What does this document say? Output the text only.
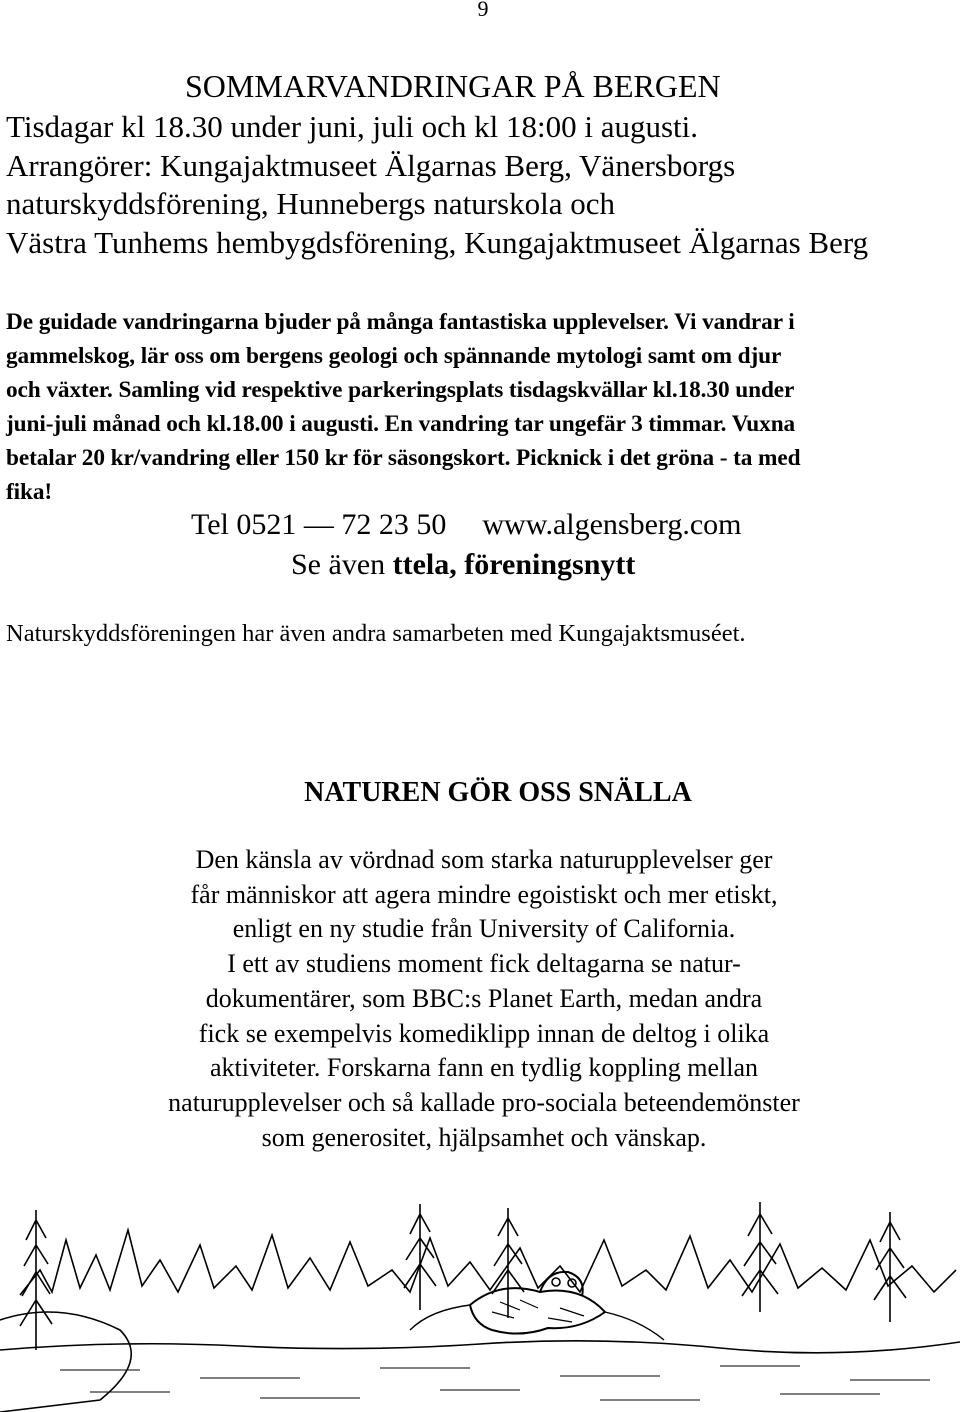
9
SOMMARVANDRINGAR PÅ BERGEN
Tisdagar kl 18.30 under juni, juli och kl 18:00 i augusti.
Arrangörer: Kungajaktmuseet Älgarnas Berg, Vänersborgs
naturskyddsförening, Hunnebergs naturskola och
Västra Tunhems hembygdsförening, Kungajaktmuseet Älgarnas Berg
De guidade vandringarna bjuder på många fantastiska upplevelser. Vi vandrar i
gammelskog, lär oss om bergens geologi och spännande mytologi samt om djur
och växter. Samling vid respektive parkeringsplats tisdagskvällar kl.18.30 under
juni-juli månad och kl.18.00 i augusti. En vandring tar ungefär 3 timmar. Vuxna
betalar 20 kr/vandring eller 150 kr för säsongskort. Picknick i det gröna - ta med
fika!
Tel 0521 — 72 23 50 www.algensberg.com
Se även ttela, föreningsnytt
Naturskyddsföreningen har även andra samarbeten med Kungajaktsmuséet.
NATUREN GÖR OSS SNÄLLA
Den känsla av vördnad som starka naturupplevelser ger
får människor att agera mindre egoistiskt och mer etiskt,
enligt en ny studie från University of California.
I ett av studiens moment fick deltagarna se natur-
dokumentärer, som BBC:s Planet Earth, medan andra
fick se exempelvis komediklipp innan de deltog i olika
aktiviteter. Forskarna fann en tydlig koppling mellan
naturupplevelser och så kallade pro-sociala beteendemönster
som generositet, hjälpsamhet och vänskap.
